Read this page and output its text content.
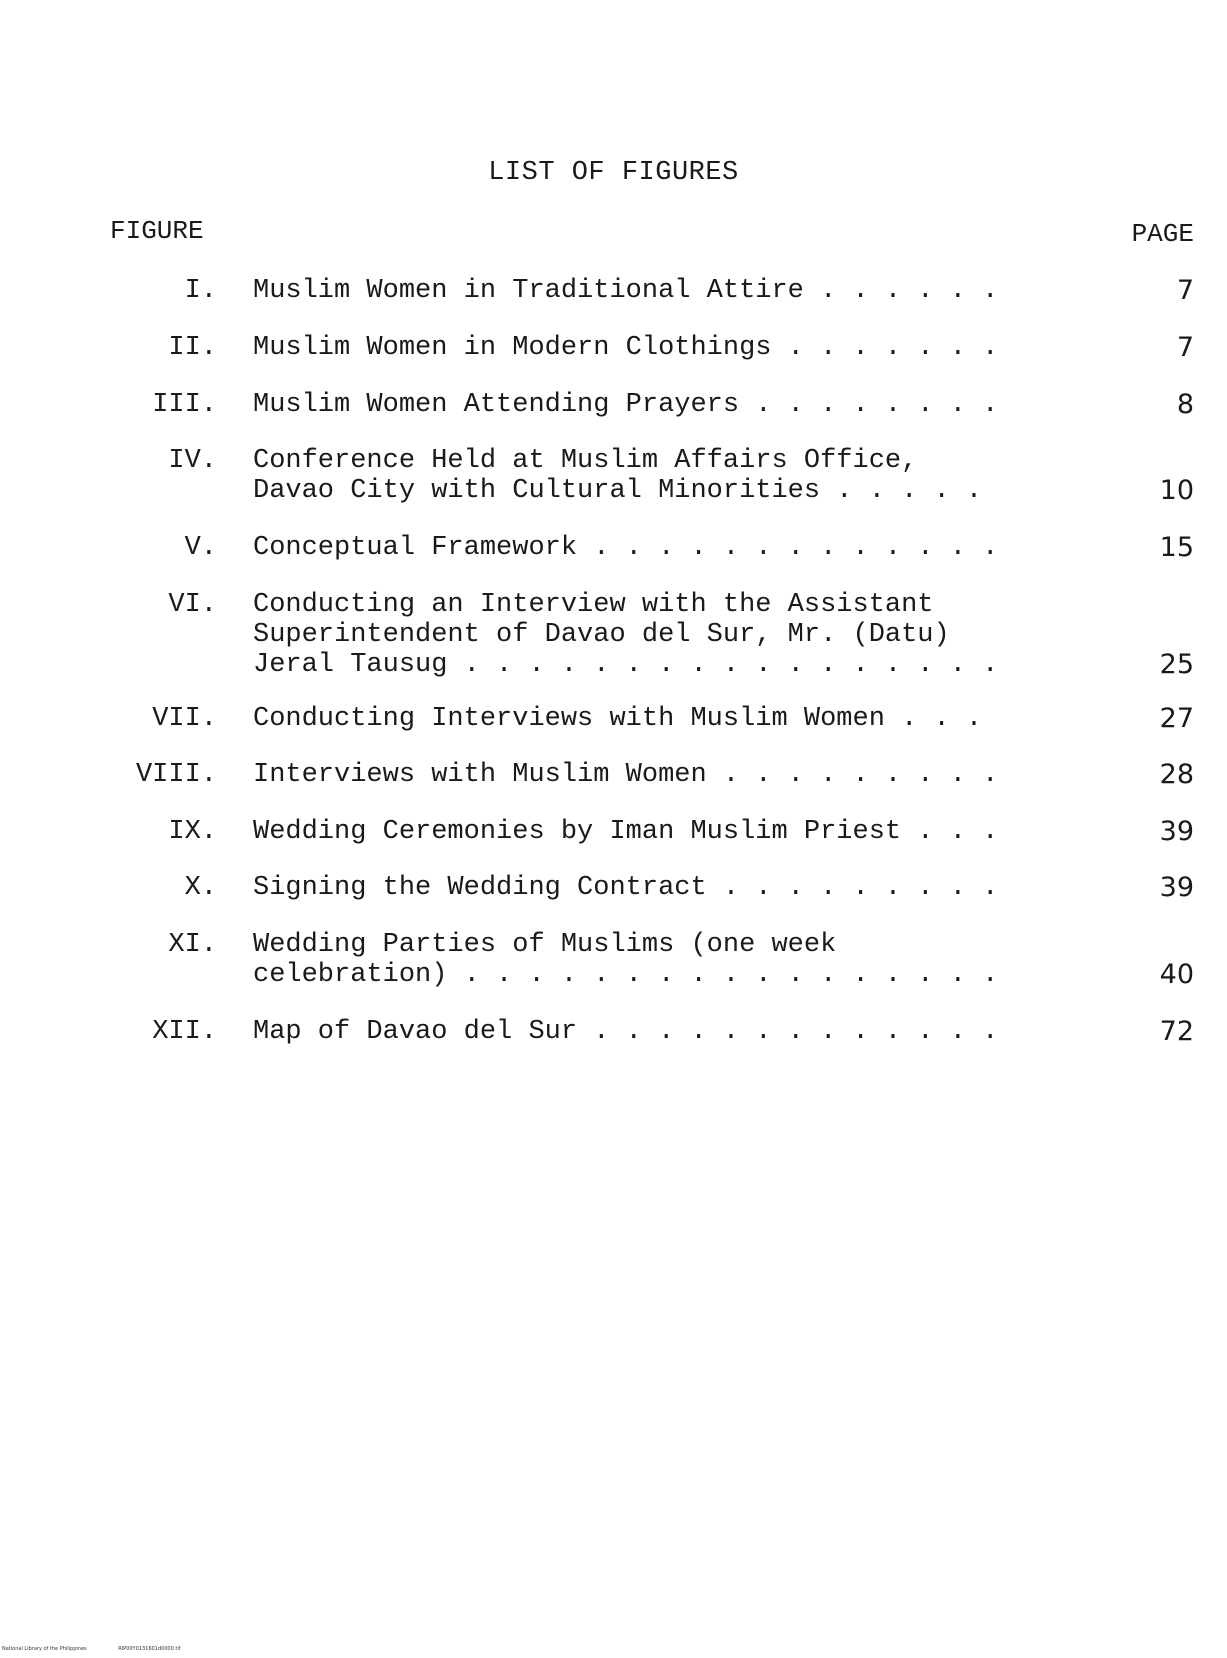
LIST OF FIGURES
FIGURE	PAGE
I. Muslim Women in Traditional Attire . . . . . .	7
II. Muslim Women in Modern Clothings . . . . . . .	7
III. Muslim Women Attending Prayers . . . . . . . .	8
IV. Conference Held at Muslim Affairs Office,
Davao City with Cultural Minorities . . . . .	10
V. Conceptual Framework . . . . . . . . . . . . .	15
VI. Conducting an Interview with the Assistant
Superintendent of Davao del Sur, Mr. (Datu)
Jeral Tausug . . . . . . . . . . . . . . . . .	25
VII. Conducting Interviews with Muslim Women . . .	27
VIII. Interviews with Muslim Women . . . . . . . . .	28
IX. Wedding Ceremonies by Iman Muslim Priest . . .	39
X. Signing the Wedding Contract . . . . . . . . .	39
XI. Wedding Parties of Muslims (one week
celebration) . . . . . . . . . . . . . . . . .	40
XII. Map of Davao del Sur . . . . . . . . . . . . .	72
National Library of the Philippines	RIP00Y0131601d0000.tif
